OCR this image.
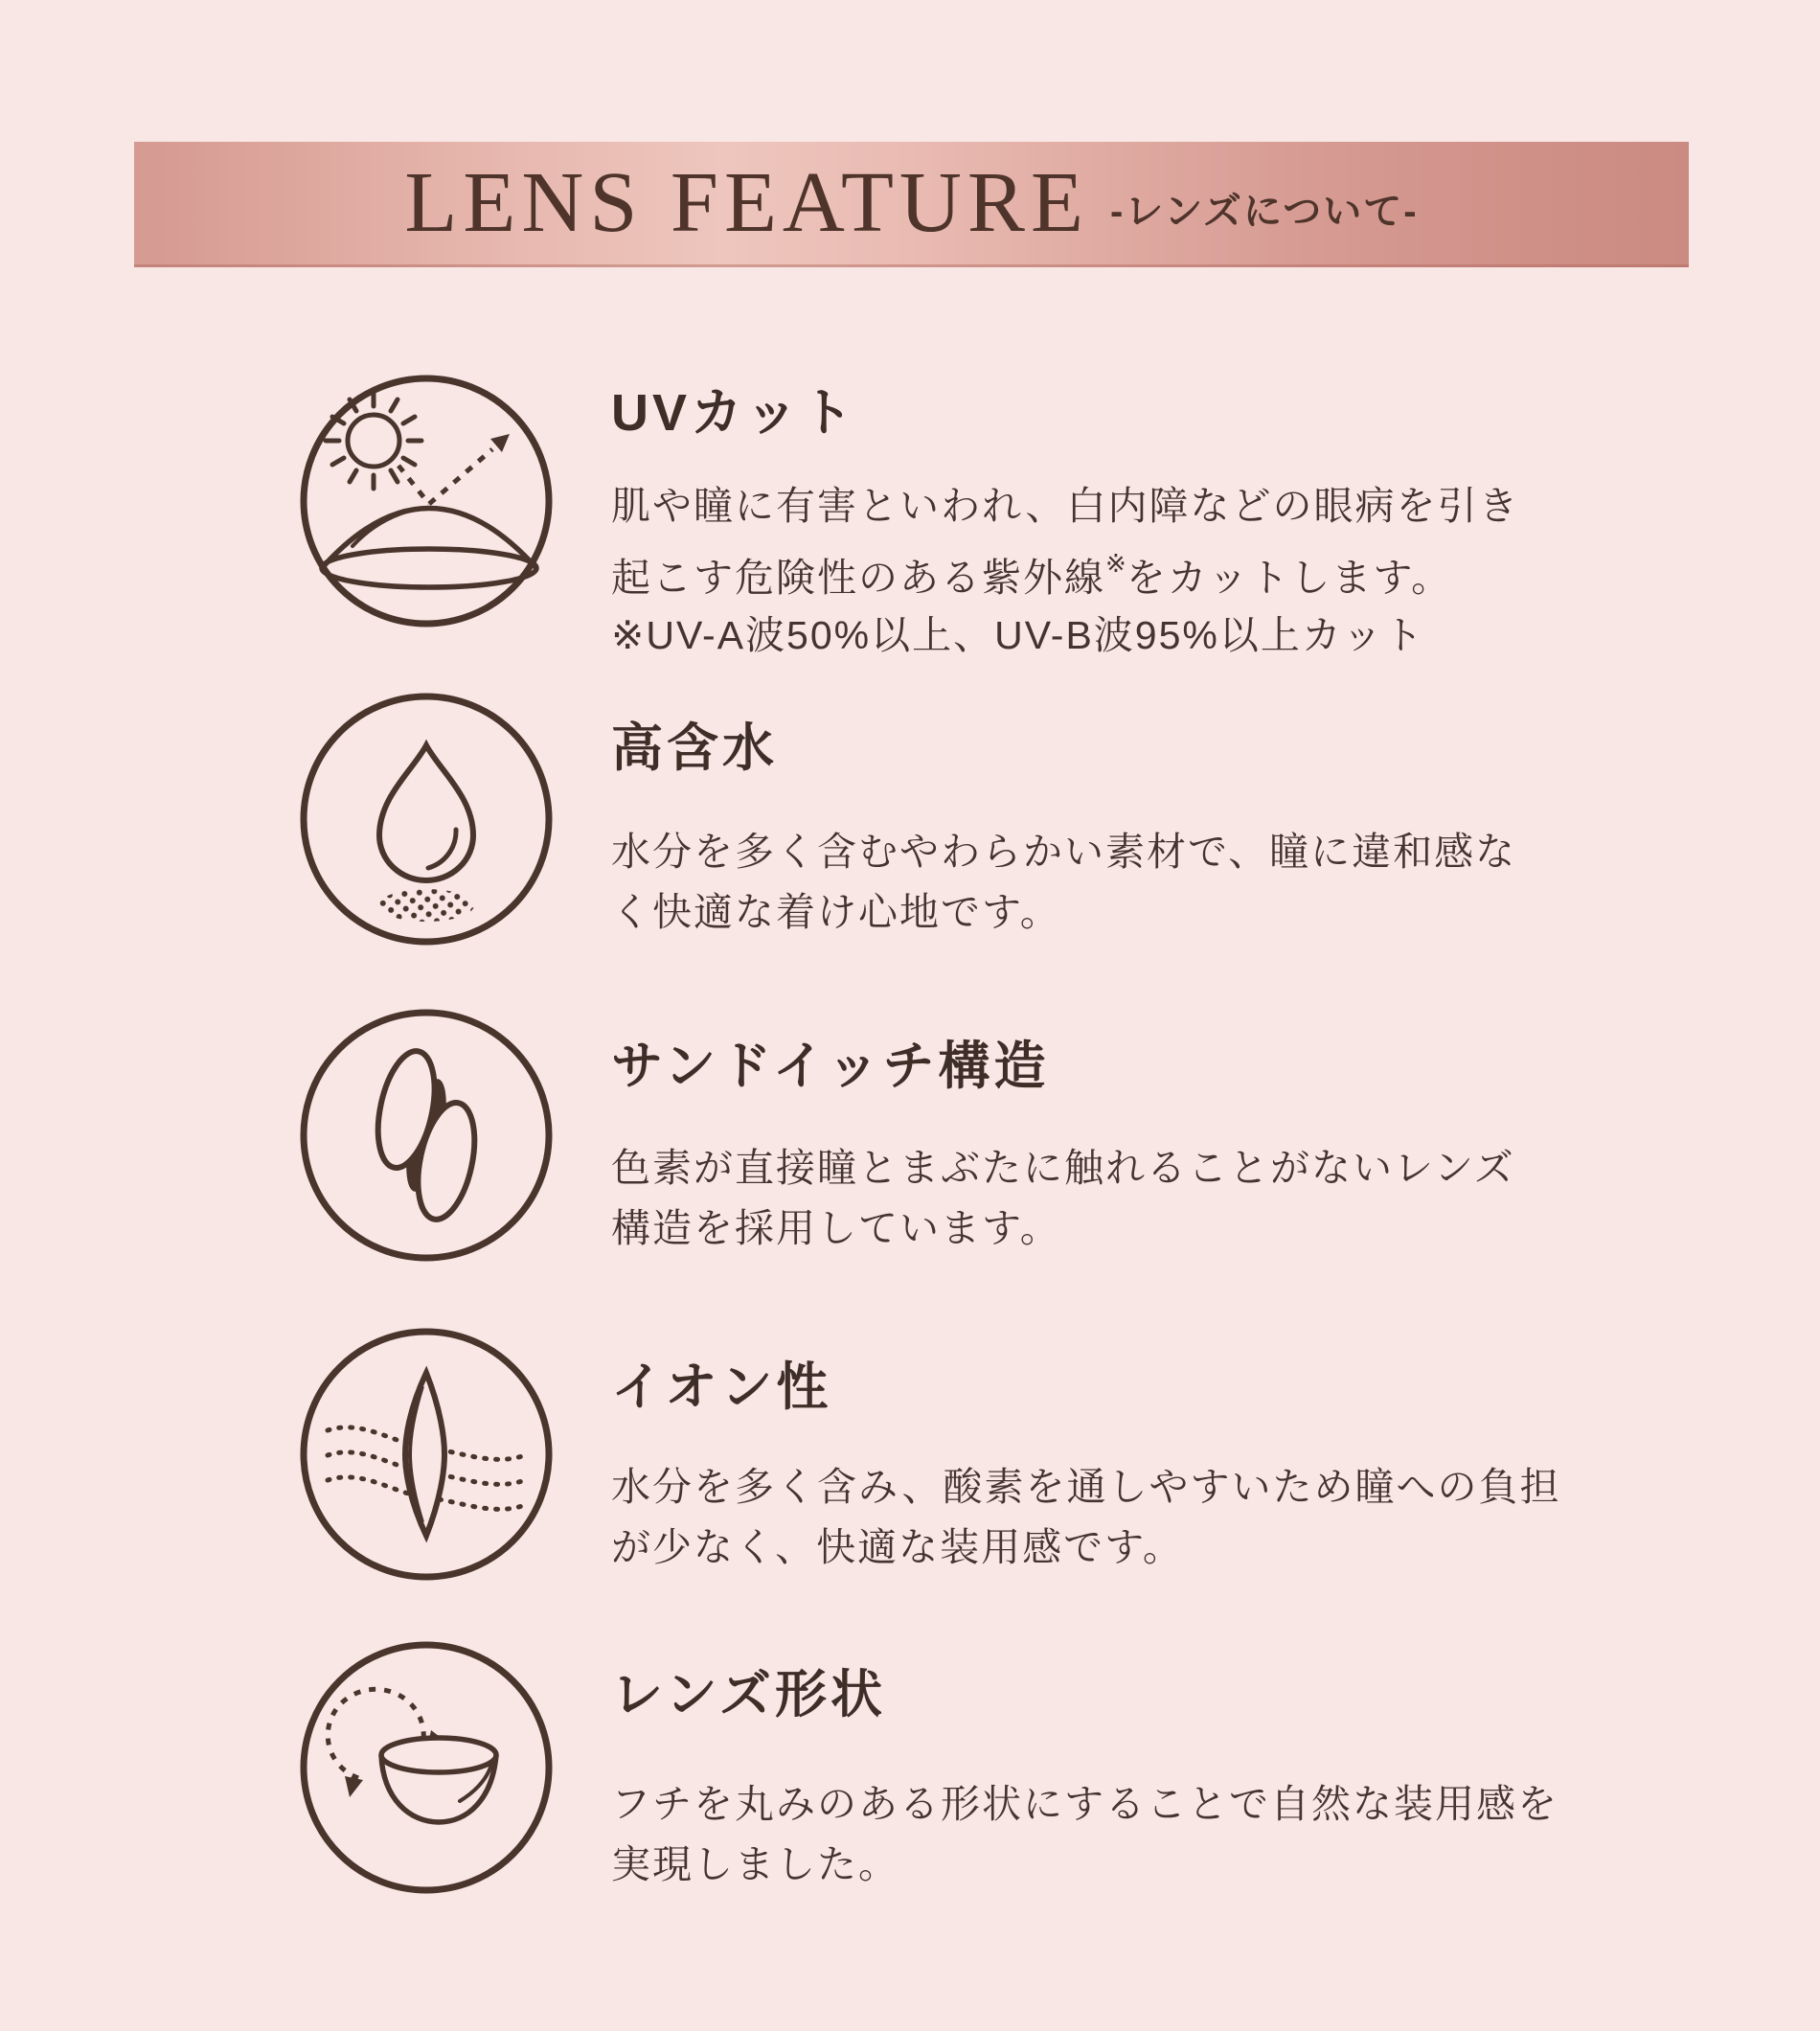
LENS FEATURE -レンズについて-
UVカット

肌や瞳に有害といわれ、白内障などの眼病を引き
起こす危険性のある紫外線※をカットします。
※UV-A波50%以上、UV-B波95%以上カット

高含水

水分を多く含むやわらかい素材で、瞳に違和感な
く快適な着け心地です。

サンドイッチ構造

色素が直接瞳とまぶたに触れることがないレンズ
構造を採用しています。

イオン性

水分を多く含み、酸素を通しやすいため瞳への負担
が少なく、快適な装用感です。

レンズ形状

フチを丸みのある形状にすることで自然な装用感を
実現しました。
